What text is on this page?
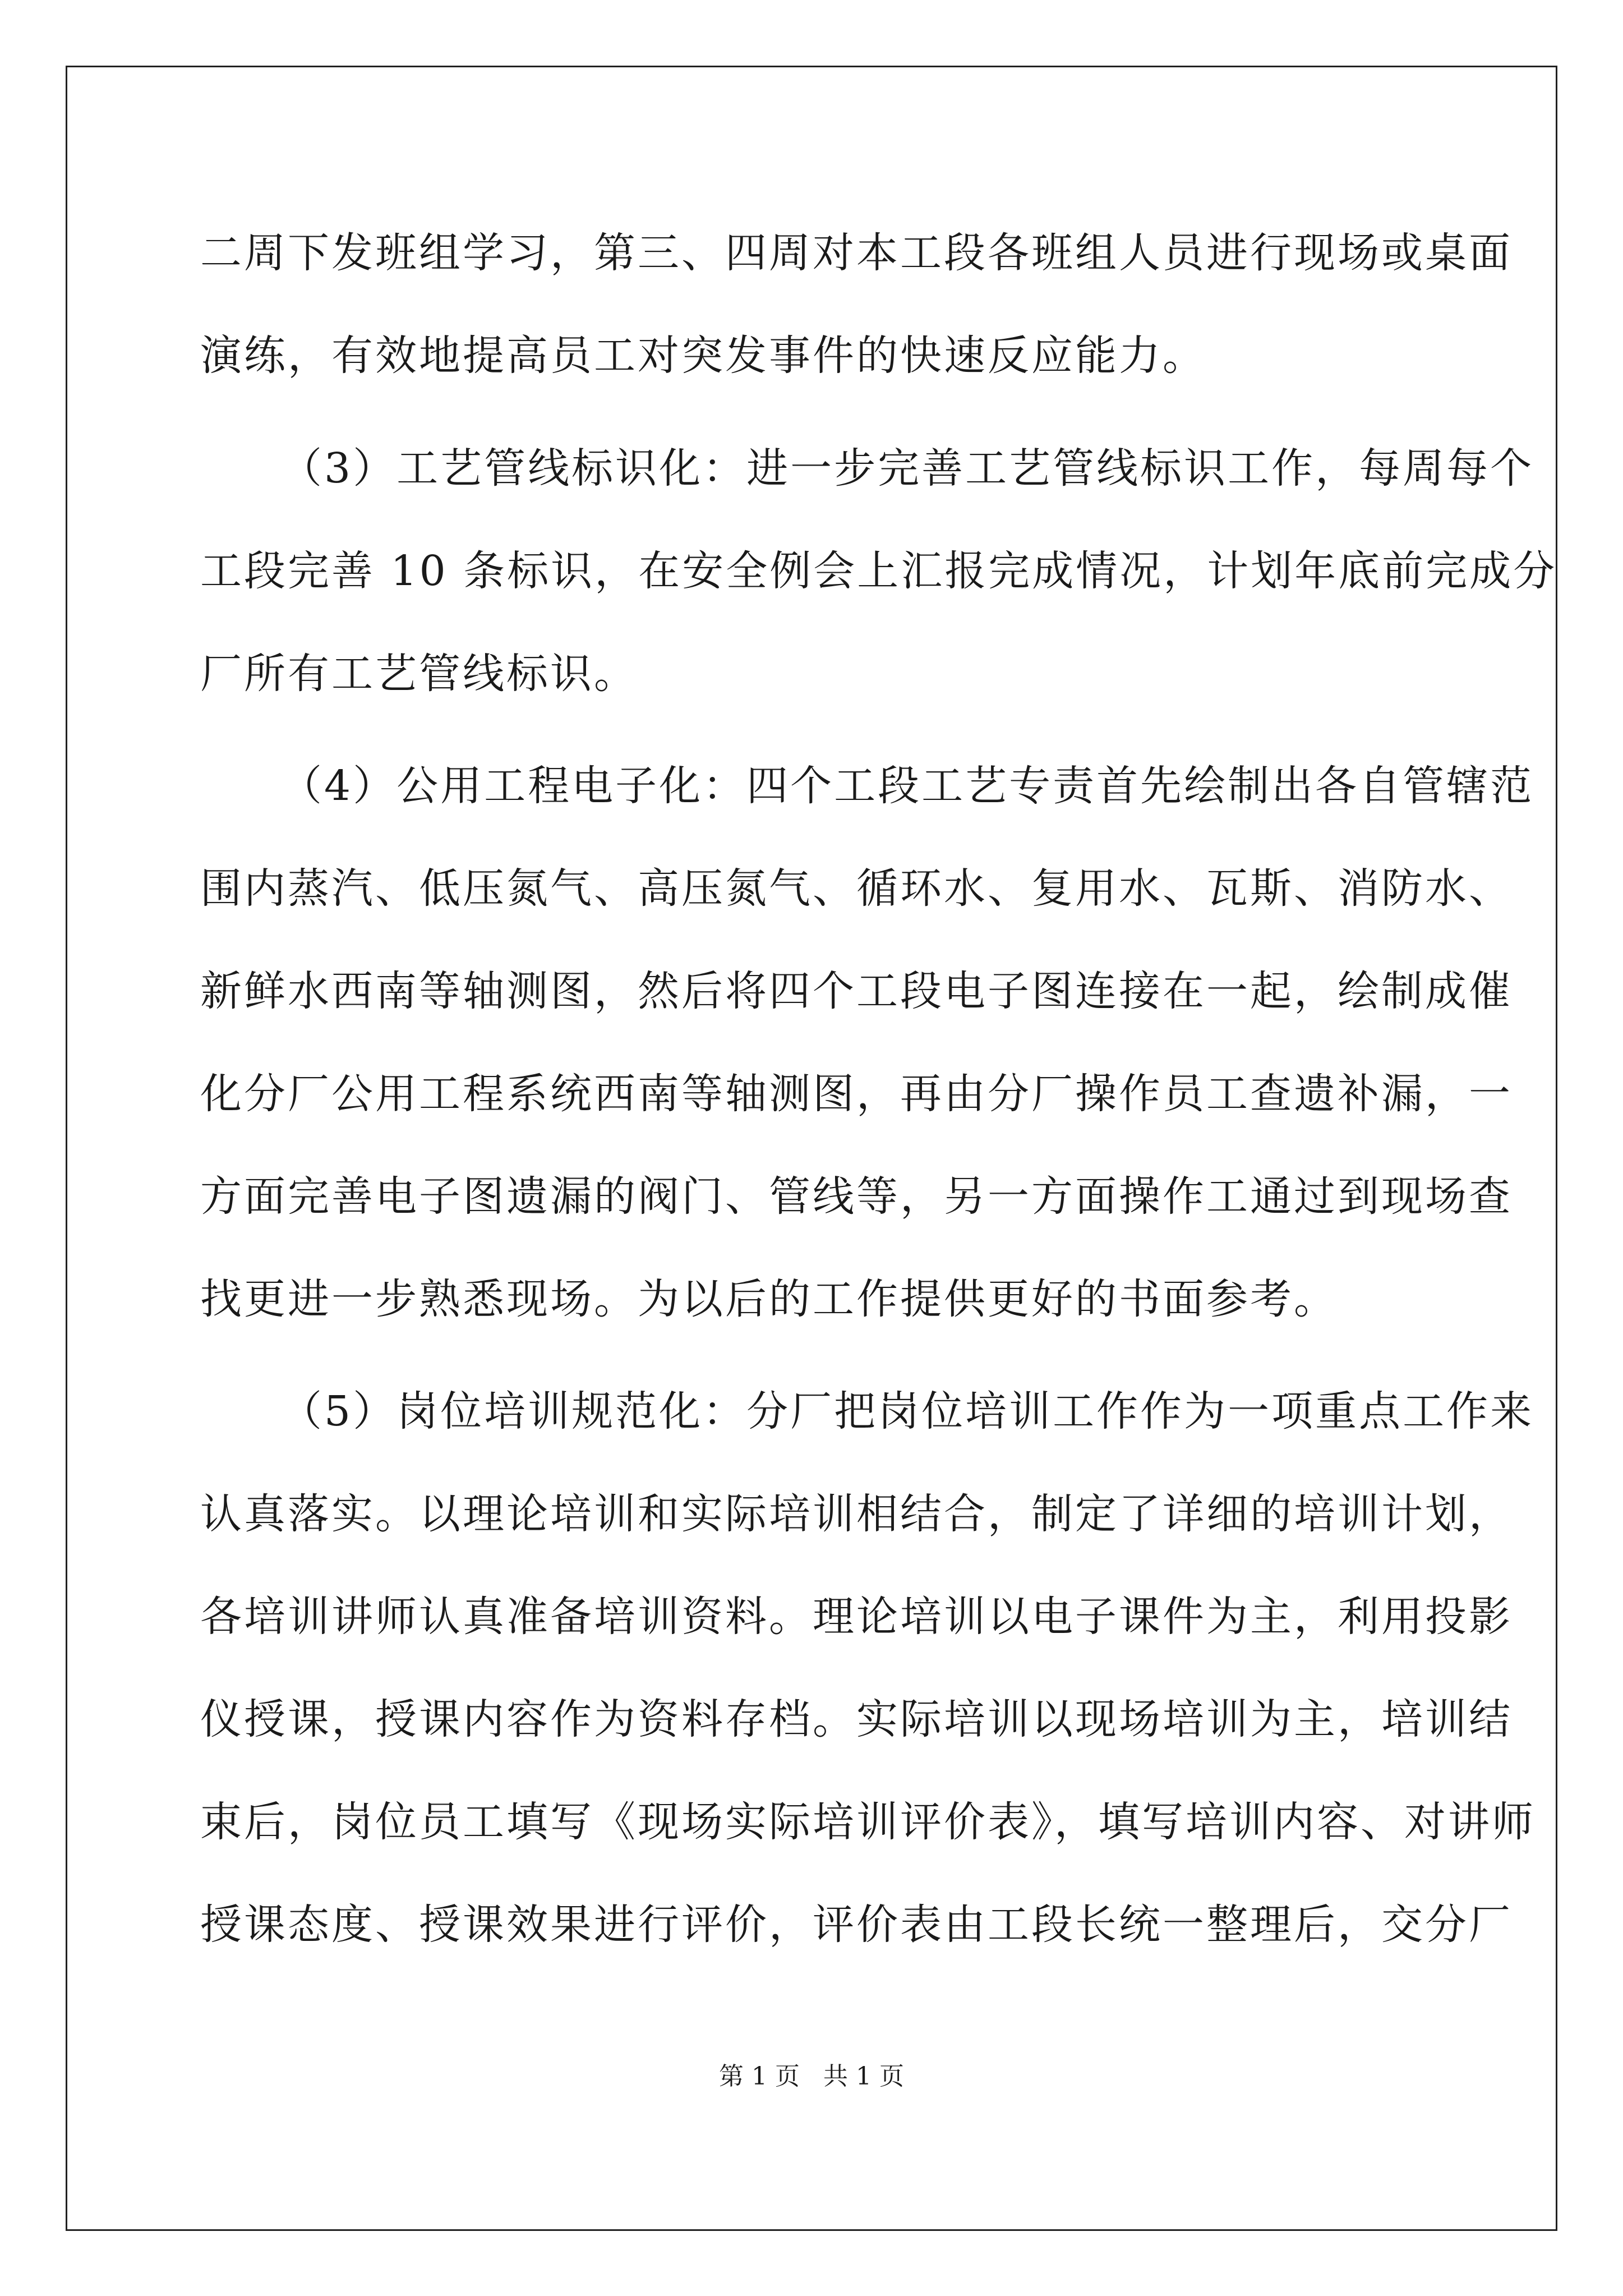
二周下发班组学习，第三、四周对本工段各班组人员进行现场或桌面
演练，有效地提高员工对突发事件的快速反应能力。
（3）工艺管线标识化：进一步完善工艺管线标识工作，每周每个
工段完善 10 条标识，在安全例会上汇报完成情况，计划年底前完成分
厂所有工艺管线标识。
（4）公用工程电子化：四个工段工艺专责首先绘制出各自管辖范
围内蒸汽、低压氮气、高压氮气、循环水、复用水、瓦斯、消防水、
新鲜水西南等轴测图，然后将四个工段电子图连接在一起，绘制成催
化分厂公用工程系统西南等轴测图，再由分厂操作员工查遗补漏，一
方面完善电子图遗漏的阀门、管线等，另一方面操作工通过到现场查
找更进一步熟悉现场。为以后的工作提供更好的书面参考。
（5）岗位培训规范化：分厂把岗位培训工作作为一项重点工作来
认真落实。以理论培训和实际培训相结合，制定了详细的培训计划，
各培训讲师认真准备培训资料。理论培训以电子课件为主，利用投影
仪授课，授课内容作为资料存档。实际培训以现场培训为主，培训结
束后，岗位员工填写《现场实际培训评价表》，填写培训内容、对讲师
授课态度、授课效果进行评价，评价表由工段长统一整理后，交分厂
第 1 页   共 1 页
